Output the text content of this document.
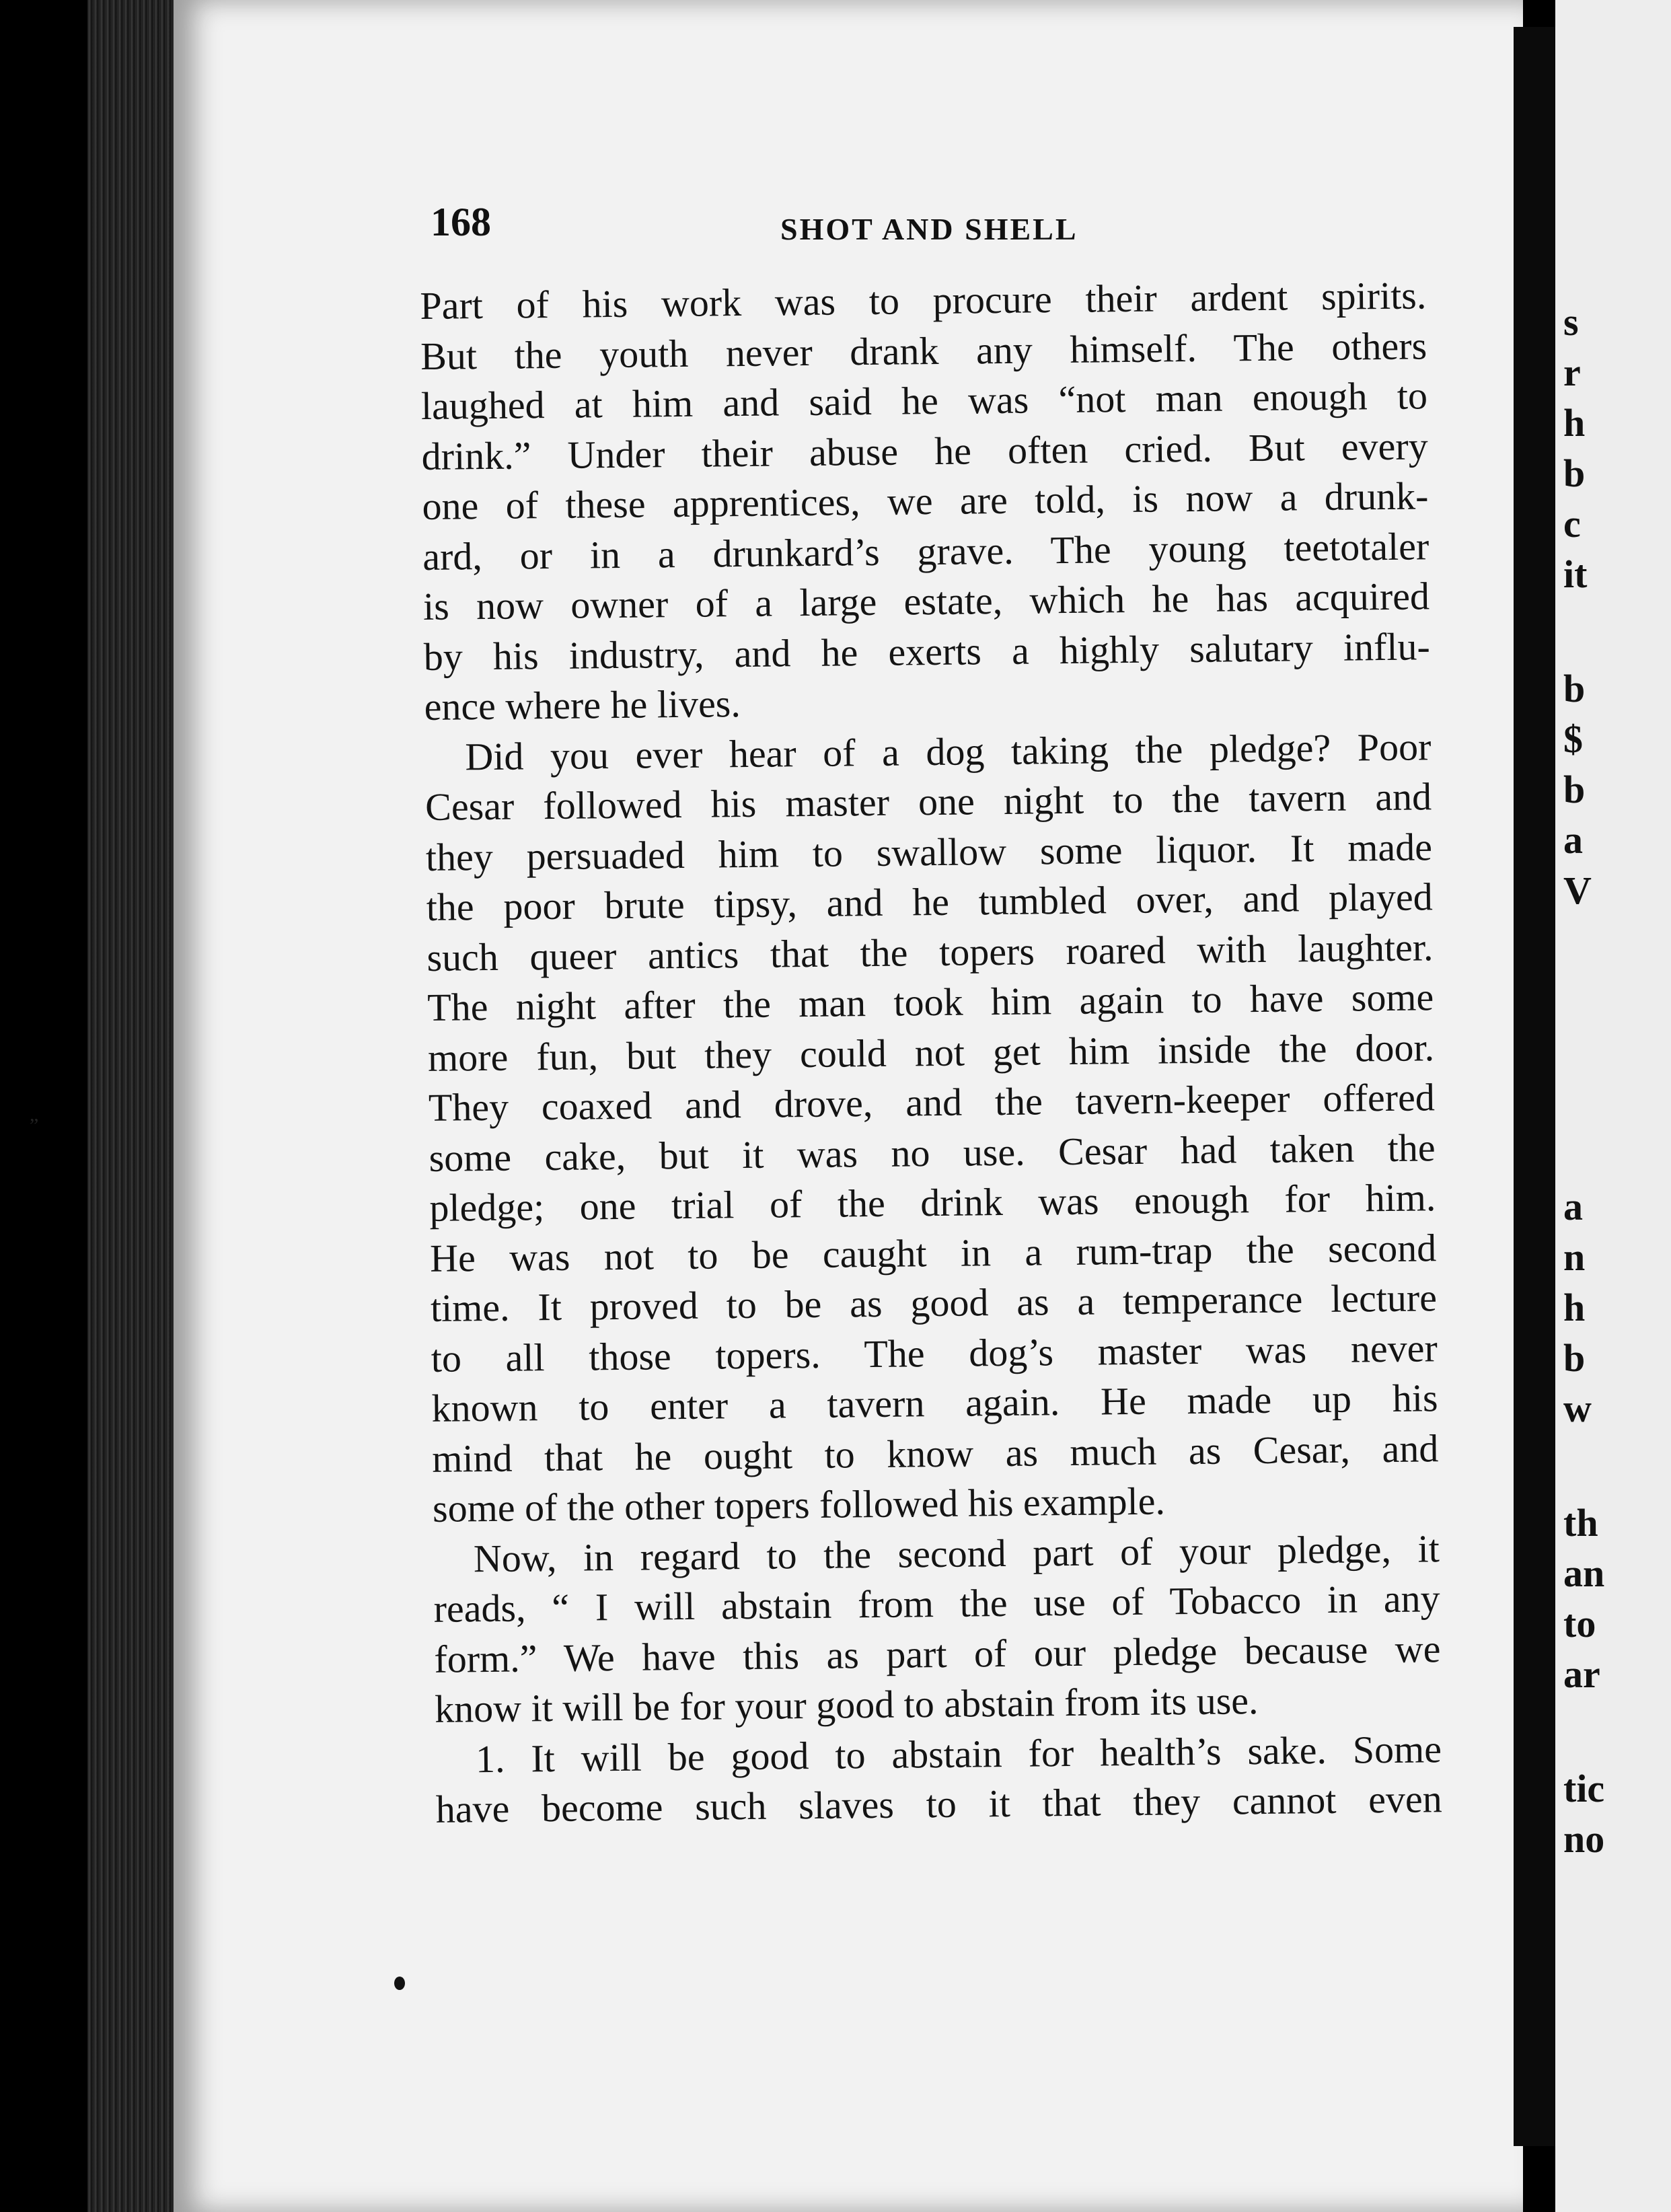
168	SHOT AND SHELL
Part of his work was to procure their ardent spirits.
But the youth never drank any himself. The others
laughed at him and said he was “not man enough to
drink.” Under their abuse he often cried. But every
one of these apprentices, we are told, is now a drunk-
ard, or in a drunkard’s grave. The young teetotaler
is now owner of a large estate, which he has acquired
by his industry, and he exerts a highly salutary influ-
ence where he lives.
Did you ever hear of a dog taking the pledge? Poor
Cesar followed his master one night to the tavern and
they persuaded him to swallow some liquor. It made
the poor brute tipsy, and he tumbled over, and played
such queer antics that the topers roared with laughter.
The night after the man took him again to have some
more fun, but they could not get him inside the door.
They coaxed and drove, and the tavern-keeper offered
some cake, but it was no use. Cesar had taken the
pledge; one trial of the drink was enough for him.
He was not to be caught in a rum-trap the second
time. It proved to be as good as a temperance lecture
to all those topers. The dog’s master was never
known to enter a tavern again. He made up his
mind that he ought to know as much as Cesar, and
some of the other topers followed his example.
Now, in regard to the second part of your pledge, it
reads, “ I will abstain from the use of Tobacco in any
form.” We have this as part of our pledge because we
know it will be for your good to abstain from its use.
1. It will be good to abstain for health’s sake. Some
have become such slaves to it that they cannot even
„
s
r
h
b
c
it
b
$
b
a
V
a
n
h
b
w
th
an
to
ar
tic
no
